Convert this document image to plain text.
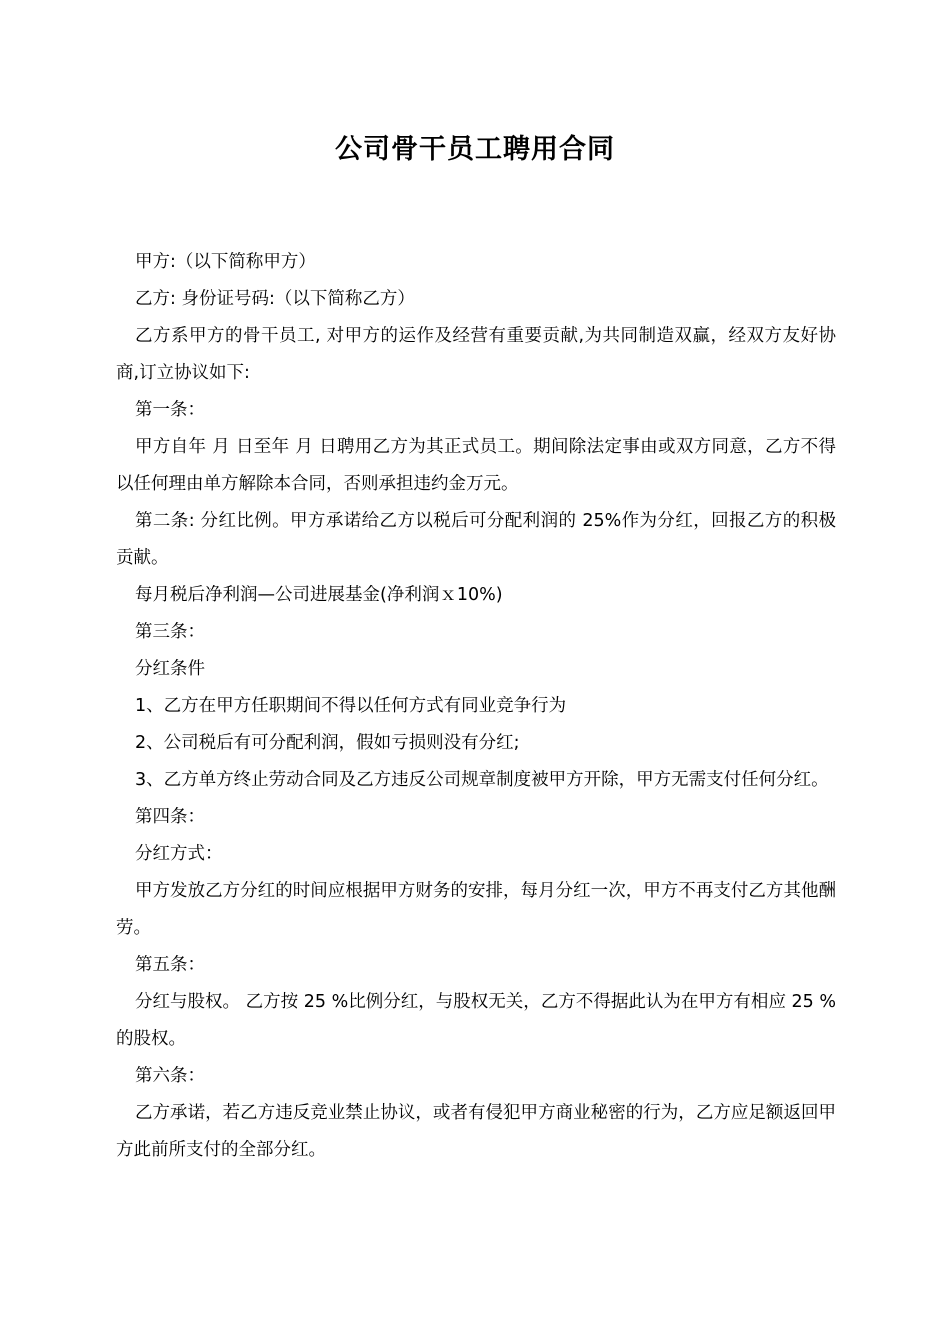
公司骨干员工聘用合同

甲方:（以下简称甲方）

乙方: 身份证号码:（以下简称乙方）

乙方系甲方的骨干员工, 对甲方的运作及经营有重要贡献,为共同制造双赢，经双方友好协商,订立协议如下:

第一条：

甲方自年 月 日至年 月 日聘用乙方为其正式员工。期间除法定事由或双方同意，乙方不得以任何理由单方解除本合同，否则承担违约金万元。

第二条: 分红比例。甲方承诺给乙方以税后可分配利润的 25%作为分红，回报乙方的积极贡献。

每月税后净利润—公司进展基金(净利润ｘ10%)

第三条：

分红条件

1、乙方在甲方任职期间不得以任何方式有同业竞争行为

2、公司税后有可分配利润，假如亏损则没有分红;

3、乙方单方终止劳动合同及乙方违反公司规章制度被甲方开除，甲方无需支付任何分红。

第四条：

分红方式：

甲方发放乙方分红的时间应根据甲方财务的安排，每月分红一次，甲方不再支付乙方其他酬劳。

第五条：

分红与股权。 乙方按 25 %比例分红，与股权无关，乙方不得据此认为在甲方有相应 25 %的股权。

第六条：

乙方承诺，若乙方违反竞业禁止协议，或者有侵犯甲方商业秘密的行为，乙方应足额返回甲方此前所支付的全部分红。
